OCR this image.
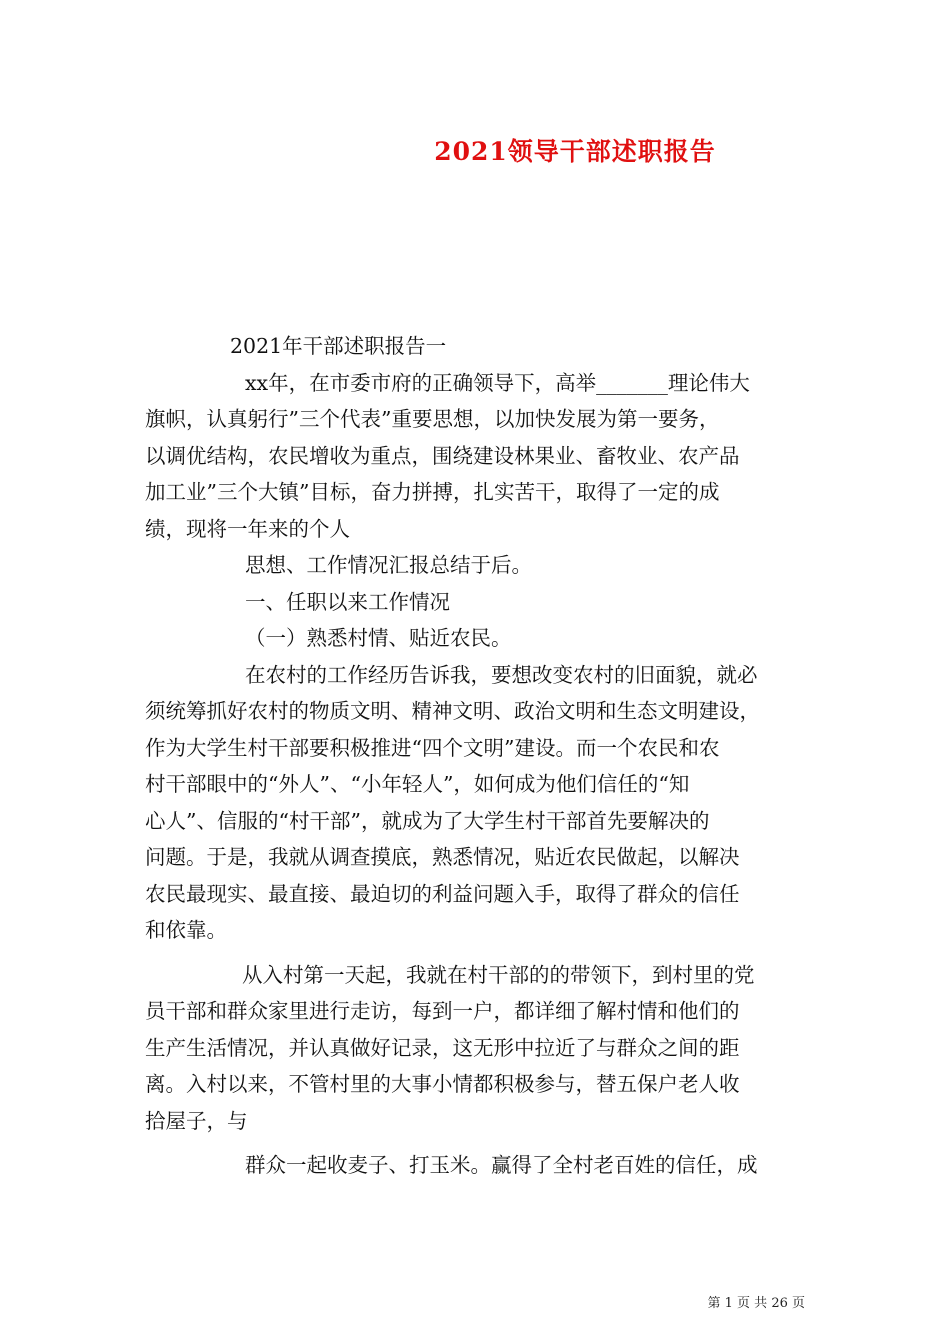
2021领导干部述职报告
2021年干部述职报告一
xx年，在市委市府的正确领导下，高举_______理论伟大
旗帜，认真躬行”三个代表”重要思想，以加快发展为第一要务，
以调优结构，农民增收为重点，围绕建设林果业、畜牧业、农产品
加工业”三个大镇”目标，奋力拼搏，扎实苦干，取得了一定的成
绩，现将一年来的个人
思想、工作情况汇报总结于后。
一、任职以来工作情况
（一）熟悉村情、贴近农民。
在农村的工作经历告诉我，要想改变农村的旧面貌，就必
须统筹抓好农村的物质文明、精神文明、政治文明和生态文明建设，
作为大学生村干部要积极推进“四个文明”建设。而一个农民和农
村干部眼中的“外人”、“小年轻人”，如何成为他们信任的“知
心人”、信服的“村干部”，就成为了大学生村干部首先要解决的
问题。于是，我就从调查摸底，熟悉情况，贴近农民做起，以解决
农民最现实、最直接、最迫切的利益问题入手，取得了群众的信任
和依靠。
从入村第一天起，我就在村干部的的带领下，到村里的党
员干部和群众家里进行走访，每到一户，都详细了解村情和他们的
生产生活情况，并认真做好记录，这无形中拉近了与群众之间的距
离。入村以来，不管村里的大事小情都积极参与，替五保户老人收
拾屋子，与
群众一起收麦子、打玉米。赢得了全村老百姓的信任，成
第 1 页 共 26 页
